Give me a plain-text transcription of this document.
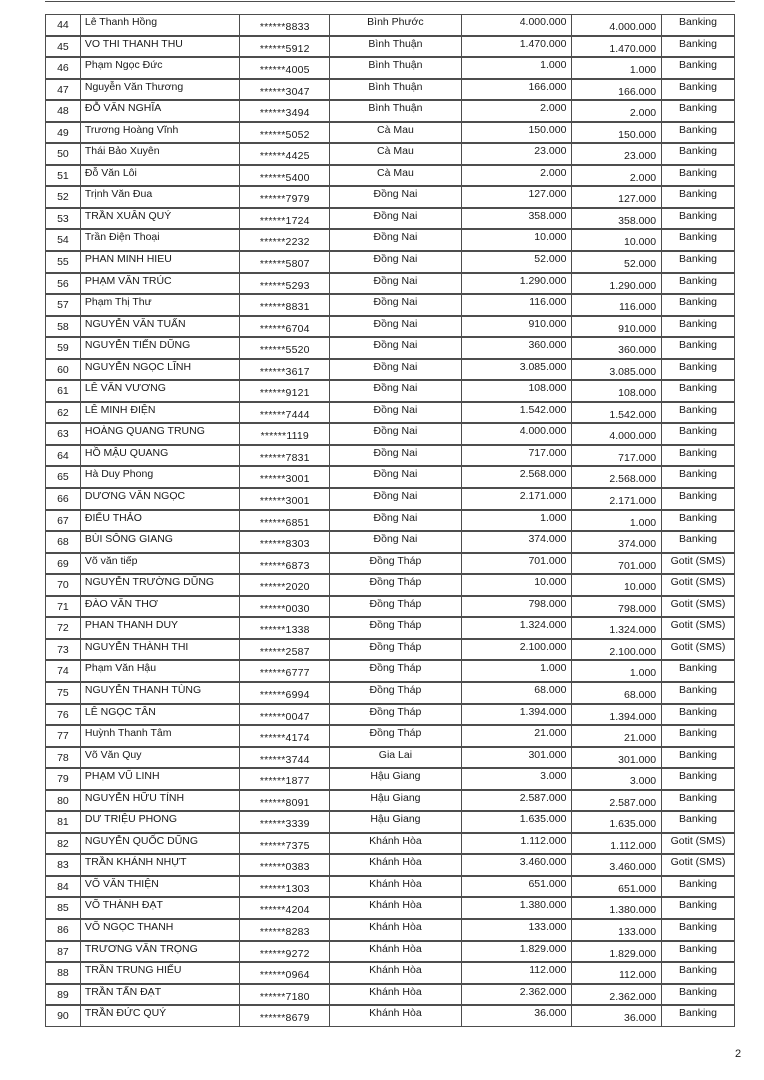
44	Lê Thanh Hồng	******8833	Bình Phước	4.000.000	4.000.000	Banking
45	VO THI THANH THU	******5912	Bình Thuận	1.470.000	1.470.000	Banking
46	Phạm Ngọc Đức	******4005	Bình Thuận	1.000	1.000	Banking
47	Nguyễn Văn Thương	******3047	Bình Thuận	166.000	166.000	Banking
48	ĐỖ VĂN NGHĨA	******3494	Bình Thuận	2.000	2.000	Banking
49	Trương Hoàng Vĩnh	******5052	Cà Mau	150.000	150.000	Banking
50	Thái Bảo Xuyên	******4425	Cà Mau	23.000	23.000	Banking
51	Đỗ Văn Lôi	******5400	Cà Mau	2.000	2.000	Banking
52	Trịnh Văn Đua	******7979	Đồng Nai	127.000	127.000	Banking
53	TRẦN XUÂN QUÝ	******1724	Đồng Nai	358.000	358.000	Banking
54	Trần Điện Thoại	******2232	Đồng Nai	10.000	10.000	Banking
55	PHAN MINH HIEU	******5807	Đồng Nai	52.000	52.000	Banking
56	PHẠM VĂN TRÚC	******5293	Đồng Nai	1.290.000	1.290.000	Banking
57	Phạm Thị Thư	******8831	Đồng Nai	116.000	116.000	Banking
58	NGUYỄN VĂN TUẤN	******6704	Đồng Nai	910.000	910.000	Banking
59	NGUYỄN TIẾN DŨNG	******5520	Đồng Nai	360.000	360.000	Banking
60	NGUYỄN NGỌC LĨNH	******3617	Đồng Nai	3.085.000	3.085.000	Banking
61	LÊ VĂN VƯƠNG	******9121	Đồng Nai	108.000	108.000	Banking
62	LÊ MINH ĐIỆN	******7444	Đồng Nai	1.542.000	1.542.000	Banking
63	HOÀNG QUANG TRUNG	******1119	Đồng Nai	4.000.000	4.000.000	Banking
64	HỒ MẬU QUANG	******7831	Đồng Nai	717.000	717.000	Banking
65	Hà Duy Phong	******3001	Đồng Nai	2.568.000	2.568.000	Banking
66	DƯƠNG VĂN NGỌC	******3001	Đồng Nai	2.171.000	2.171.000	Banking
67	ĐIỂU THẢO	******6851	Đồng Nai	1.000	1.000	Banking
68	BÙI SÔNG GIANG	******8303	Đồng Nai	374.000	374.000	Banking
69	Võ văn tiếp	******6873	Đồng Tháp	701.000	701.000	Gotit (SMS)
70	NGUYỄN TRƯỜNG DŨNG	******2020	Đồng Tháp	10.000	10.000	Gotit (SMS)
71	ĐÀO VĂN THƠ	******0030	Đồng Tháp	798.000	798.000	Gotit (SMS)
72	PHAN THANH DUY	******1338	Đồng Tháp	1.324.000	1.324.000	Gotit (SMS)
73	NGUYỄN THÀNH THI	******2587	Đồng Tháp	2.100.000	2.100.000	Gotit (SMS)
74	Phạm Văn Hậu	******6777	Đồng Tháp	1.000	1.000	Banking
75	NGUYỄN THANH TÙNG	******6994	Đồng Tháp	68.000	68.000	Banking
76	LÊ NGỌC TÂN	******0047	Đồng Tháp	1.394.000	1.394.000	Banking
77	Huỳnh Thanh Tâm	******4174	Đồng Tháp	21.000	21.000	Banking
78	Võ Văn Quy	******3744	Gia Lai	301.000	301.000	Banking
79	PHẠM VŨ LINH	******1877	Hậu Giang	3.000	3.000	Banking
80	NGUYỄN HỮU TÍNH	******8091	Hậu Giang	2.587.000	2.587.000	Banking
81	DƯ TRIỆU PHONG	******3339	Hậu Giang	1.635.000	1.635.000	Banking
82	NGUYỄN QUỐC DŨNG	******7375	Khánh Hòa	1.112.000	1.112.000	Gotit (SMS)
83	TRẦN KHÁNH NHỰT	******0383	Khánh Hòa	3.460.000	3.460.000	Gotit (SMS)
84	VÕ VĂN THIỆN	******1303	Khánh Hòa	651.000	651.000	Banking
85	VÕ THÀNH ĐẠT	******4204	Khánh Hòa	1.380.000	1.380.000	Banking
86	VÕ NGỌC THANH	******8283	Khánh Hòa	133.000	133.000	Banking
87	TRƯƠNG VĂN TRỌNG	******9272	Khánh Hòa	1.829.000	1.829.000	Banking
88	TRẦN TRUNG HIẾU	******0964	Khánh Hòa	112.000	112.000	Banking
89	TRẦN TẤN ĐẠT	******7180	Khánh Hòa	2.362.000	2.362.000	Banking
90	TRẦN ĐỨC QUÝ	******8679	Khánh Hòa	36.000	36.000	Banking
2
